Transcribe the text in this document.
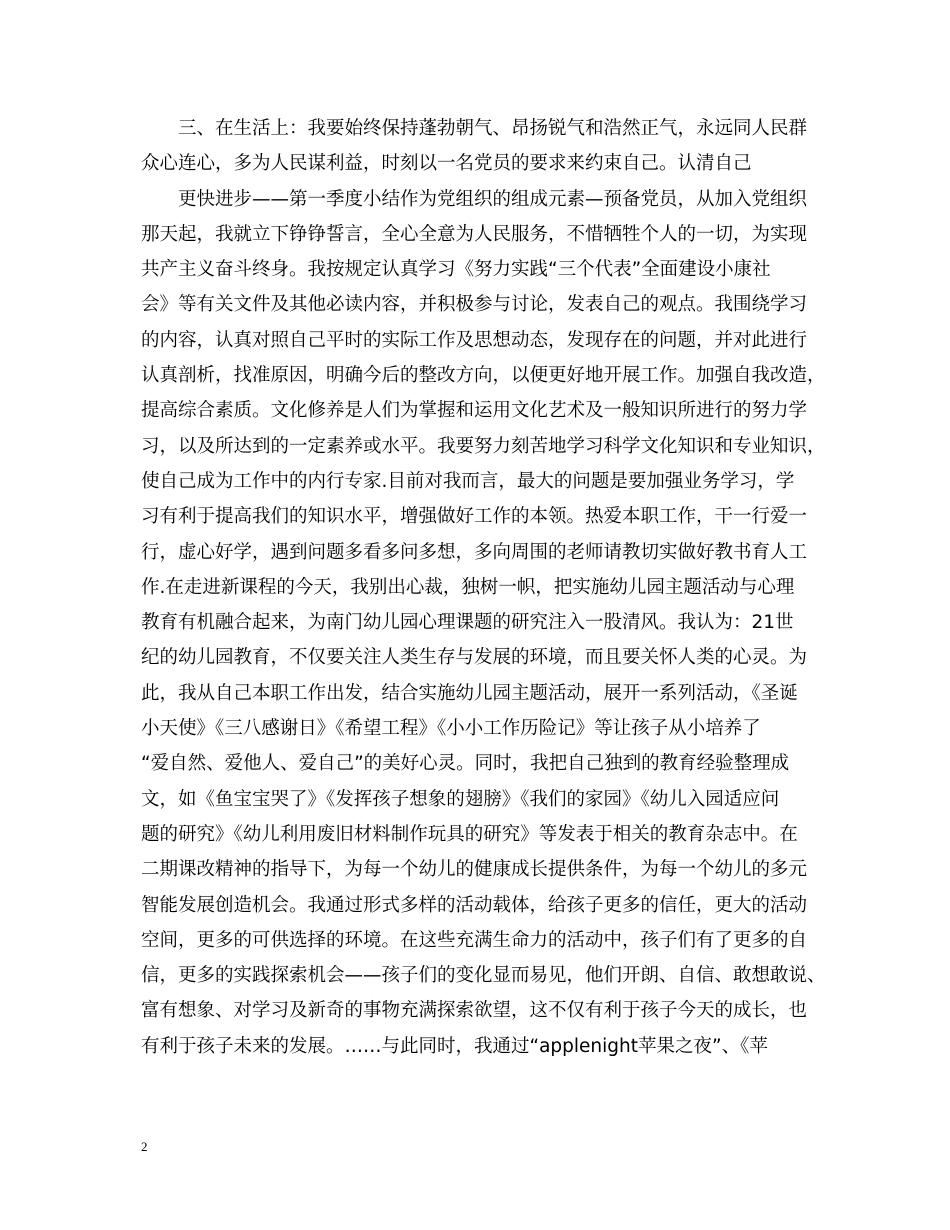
三、在生活上：我要始终保持蓬勃朝气、昂扬锐气和浩然正气，永远同人民群
众心连心，多为人民谋利益，时刻以一名党员的要求来约束自己。认清自己
更快进步——第一季度小结作为党组织的组成元素—预备党员，从加入党组织
那天起，我就立下铮铮誓言，全心全意为人民服务，不惜牺牲个人的一切，为实现
共产主义奋斗终身。我按规定认真学习《努力实践“三个代表”全面建设小康社
会》等有关文件及其他必读内容，并积极参与讨论，发表自己的观点。我围绕学习
的内容，认真对照自己平时的实际工作及思想动态，发现存在的问题，并对此进行
认真剖析，找准原因，明确今后的整改方向，以便更好地开展工作。加强自我改造，
提高综合素质。文化修养是人们为掌握和运用文化艺术及一般知识所进行的努力学
习，以及所达到的一定素养或水平。我要努力刻苦地学习科学文化知识和专业知识，
使自己成为工作中的内行专家.目前对我而言，最大的问题是要加强业务学习，学
习有利于提高我们的知识水平，增强做好工作的本领。热爱本职工作，干一行爱一
行，虚心好学，遇到问题多看多问多想，多向周围的老师请教切实做好教书育人工
作.在走进新课程的今天，我别出心裁，独树一帜，把实施幼儿园主题活动与心理
教育有机融合起来，为南门幼儿园心理课题的研究注入一股清风。我认为：21世
纪的幼儿园教育，不仅要关注人类生存与发展的环境，而且要关怀人类的心灵。为
此，我从自己本职工作出发，结合实施幼儿园主题活动，展开一系列活动，《圣诞
小天使》《三八感谢日》《希望工程》《小小工作历险记》等让孩子从小培养了
“爱自然、爱他人、爱自己”的美好心灵。同时，我把自己独到的教育经验整理成
文，如《鱼宝宝哭了》《发挥孩子想象的翅膀》《我们的家园》《幼儿入园适应问
题的研究》《幼儿利用废旧材料制作玩具的研究》等发表于相关的教育杂志中。在
二期课改精神的指导下，为每一个幼儿的健康成长提供条件，为每一个幼儿的多元
智能发展创造机会。我通过形式多样的活动载体，给孩子更多的信任，更大的活动
空间，更多的可供选择的环境。在这些充满生命力的活动中，孩子们有了更多的自
信，更多的实践探索机会——孩子们的变化显而易见，他们开朗、自信、敢想敢说、
富有想象、对学习及新奇的事物充满探索欲望，这不仅有利于孩子今天的成长，也
有利于孩子未来的发展。……与此同时，我通过“applenight苹果之夜”、《苹
2
